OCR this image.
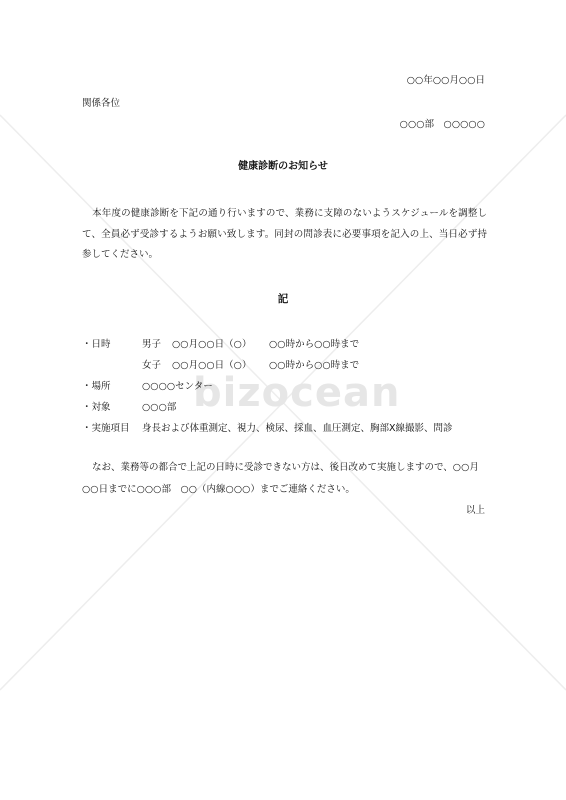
bizocean
○○年○○月○○日
関係各位
○○○部　○○○○○
健康診断のお知らせ
本年度の健康診断を下記の通り行いますので、業務に支障のないようスケジュールを調整して、全員必ず受診するようお願い致します。同封の問診表に必要事項を記入の上、当日必ず持参してください。
記
・日時	男子 ○○月○○日（○） ○○時から○○時まで
女子 ○○月○○日（○） ○○時から○○時まで
・場所	○○○○センター
・対象	○○○部
・実施項目 身長および体重測定、視力、検尿、採血、血圧測定、胸部X線撮影、問診
なお、業務等の都合で上記の日時に受診できない方は、後日改めて実施しますので、○○月○○日までに○○○部　○○（内線○○○）までご連絡ください。
以上
